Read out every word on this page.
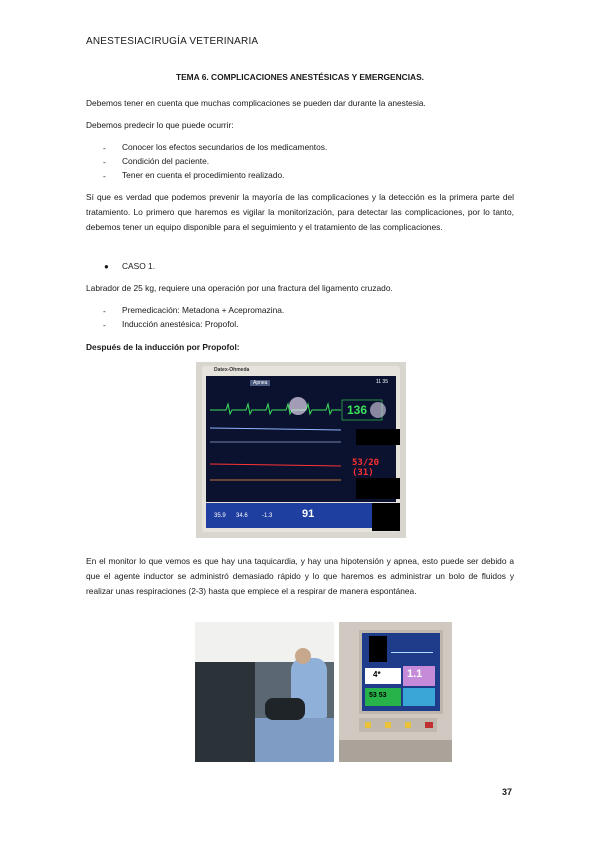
ANESTESIACIRUGÍA VETERINARIA
TEMA 6. COMPLICACIONES ANESTÉSICAS Y EMERGENCIAS.
Debemos tener en cuenta que muchas complicaciones se pueden dar durante la anestesia.
Debemos predecir lo que puede ocurrir:
- Conocer los efectos secundarios de los medicamentos.
- Condición del paciente.
- Tener en cuenta el procedimiento realizado.
Sí que es verdad que podemos prevenir la mayoría de las complicaciones y la detección es la primera parte del tratamiento. Lo primero que haremos es vigilar la monitorización, para detectar las complicaciones, por lo tanto, debemos tener un equipo disponible para el seguimiento y el tratamiento de las complicaciones.
● CASO 1.
Labrador de 25 kg, requiere una operación por una fractura del ligamento cruzado.
- Premedicación: Metadona + Acepromazina.
- Inducción anestésica: Propofol.
Después de la inducción por Propofol:
Datex-Ohmeda
Apnea	11 35
136
53/20 (31)
35.9 34.6 -1.3	91
En el monitor lo que vemos es que hay una taquicardia, y hay una hipotensión y apnea, esto puede ser debido a que el agente inductor se administró demasiado rápido y lo que haremos es administrar un bolo de fluidos y realizar unas respiraciones (2-3) hasta que empiece el a respirar de manera espontánea.
4* 1.1
53 53
37
